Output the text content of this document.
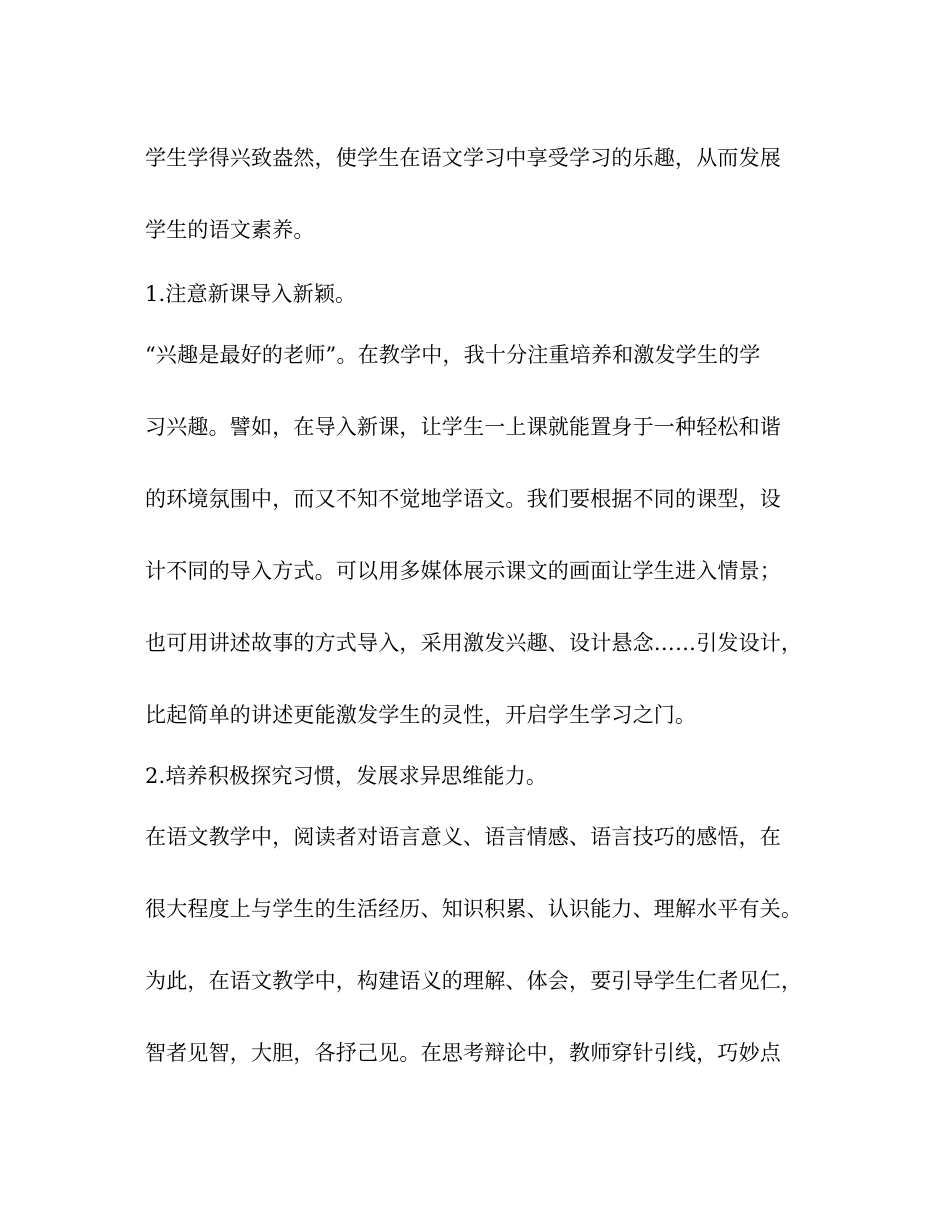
学生学得兴致盎然，使学生在语文学习中享受学习的乐趣，从而发展
学生的语文素养。
1.注意新课导入新颖。
“兴趣是最好的老师”。在教学中，我十分注重培养和激发学生的学
习兴趣。譬如，在导入新课，让学生一上课就能置身于一种轻松和谐
的环境氛围中，而又不知不觉地学语文。我们要根据不同的课型，设
计不同的导入方式。可以用多媒体展示课文的画面让学生进入情景；
也可用讲述故事的方式导入，采用激发兴趣、设计悬念……引发设计，
比起简单的讲述更能激发学生的灵性，开启学生学习之门。
2.培养积极探究习惯，发展求异思维能力。
在语文教学中，阅读者对语言意义、语言情感、语言技巧的感悟，在
很大程度上与学生的生活经历、知识积累、认识能力、理解水平有关。
为此，在语文教学中，构建语义的理解、体会，要引导学生仁者见仁，
智者见智，大胆，各抒己见。在思考辩论中，教师穿针引线，巧妙点
